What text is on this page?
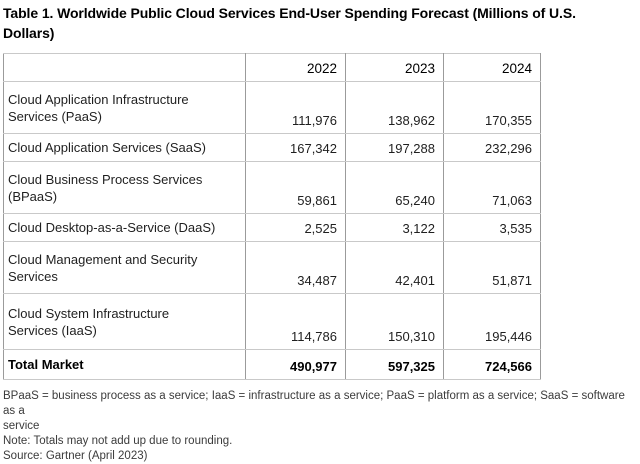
Table 1. Worldwide Public Cloud Services End-User Spending Forecast (Millions of U.S.
Dollars)
	2022	2023	2024
Cloud Application Infrastructure
Services (PaaS)	111,976	138,962	170,355
Cloud Application Services (SaaS)	167,342	197,288	232,296
Cloud Business Process Services
(BPaaS)	59,861	65,240	71,063
Cloud Desktop-as-a-Service (DaaS)	2,525	3,122	3,535
Cloud Management and Security
Services	34,487	42,401	51,871
Cloud System Infrastructure
Services (IaaS)	114,786	150,310	195,446
Total Market	490,977	597,325	724,566
BPaaS = business process as a service; IaaS = infrastructure as a service; PaaS = platform as a service; SaaS = software as a
service
Note: Totals may not add up due to rounding.
Source: Gartner (April 2023)
